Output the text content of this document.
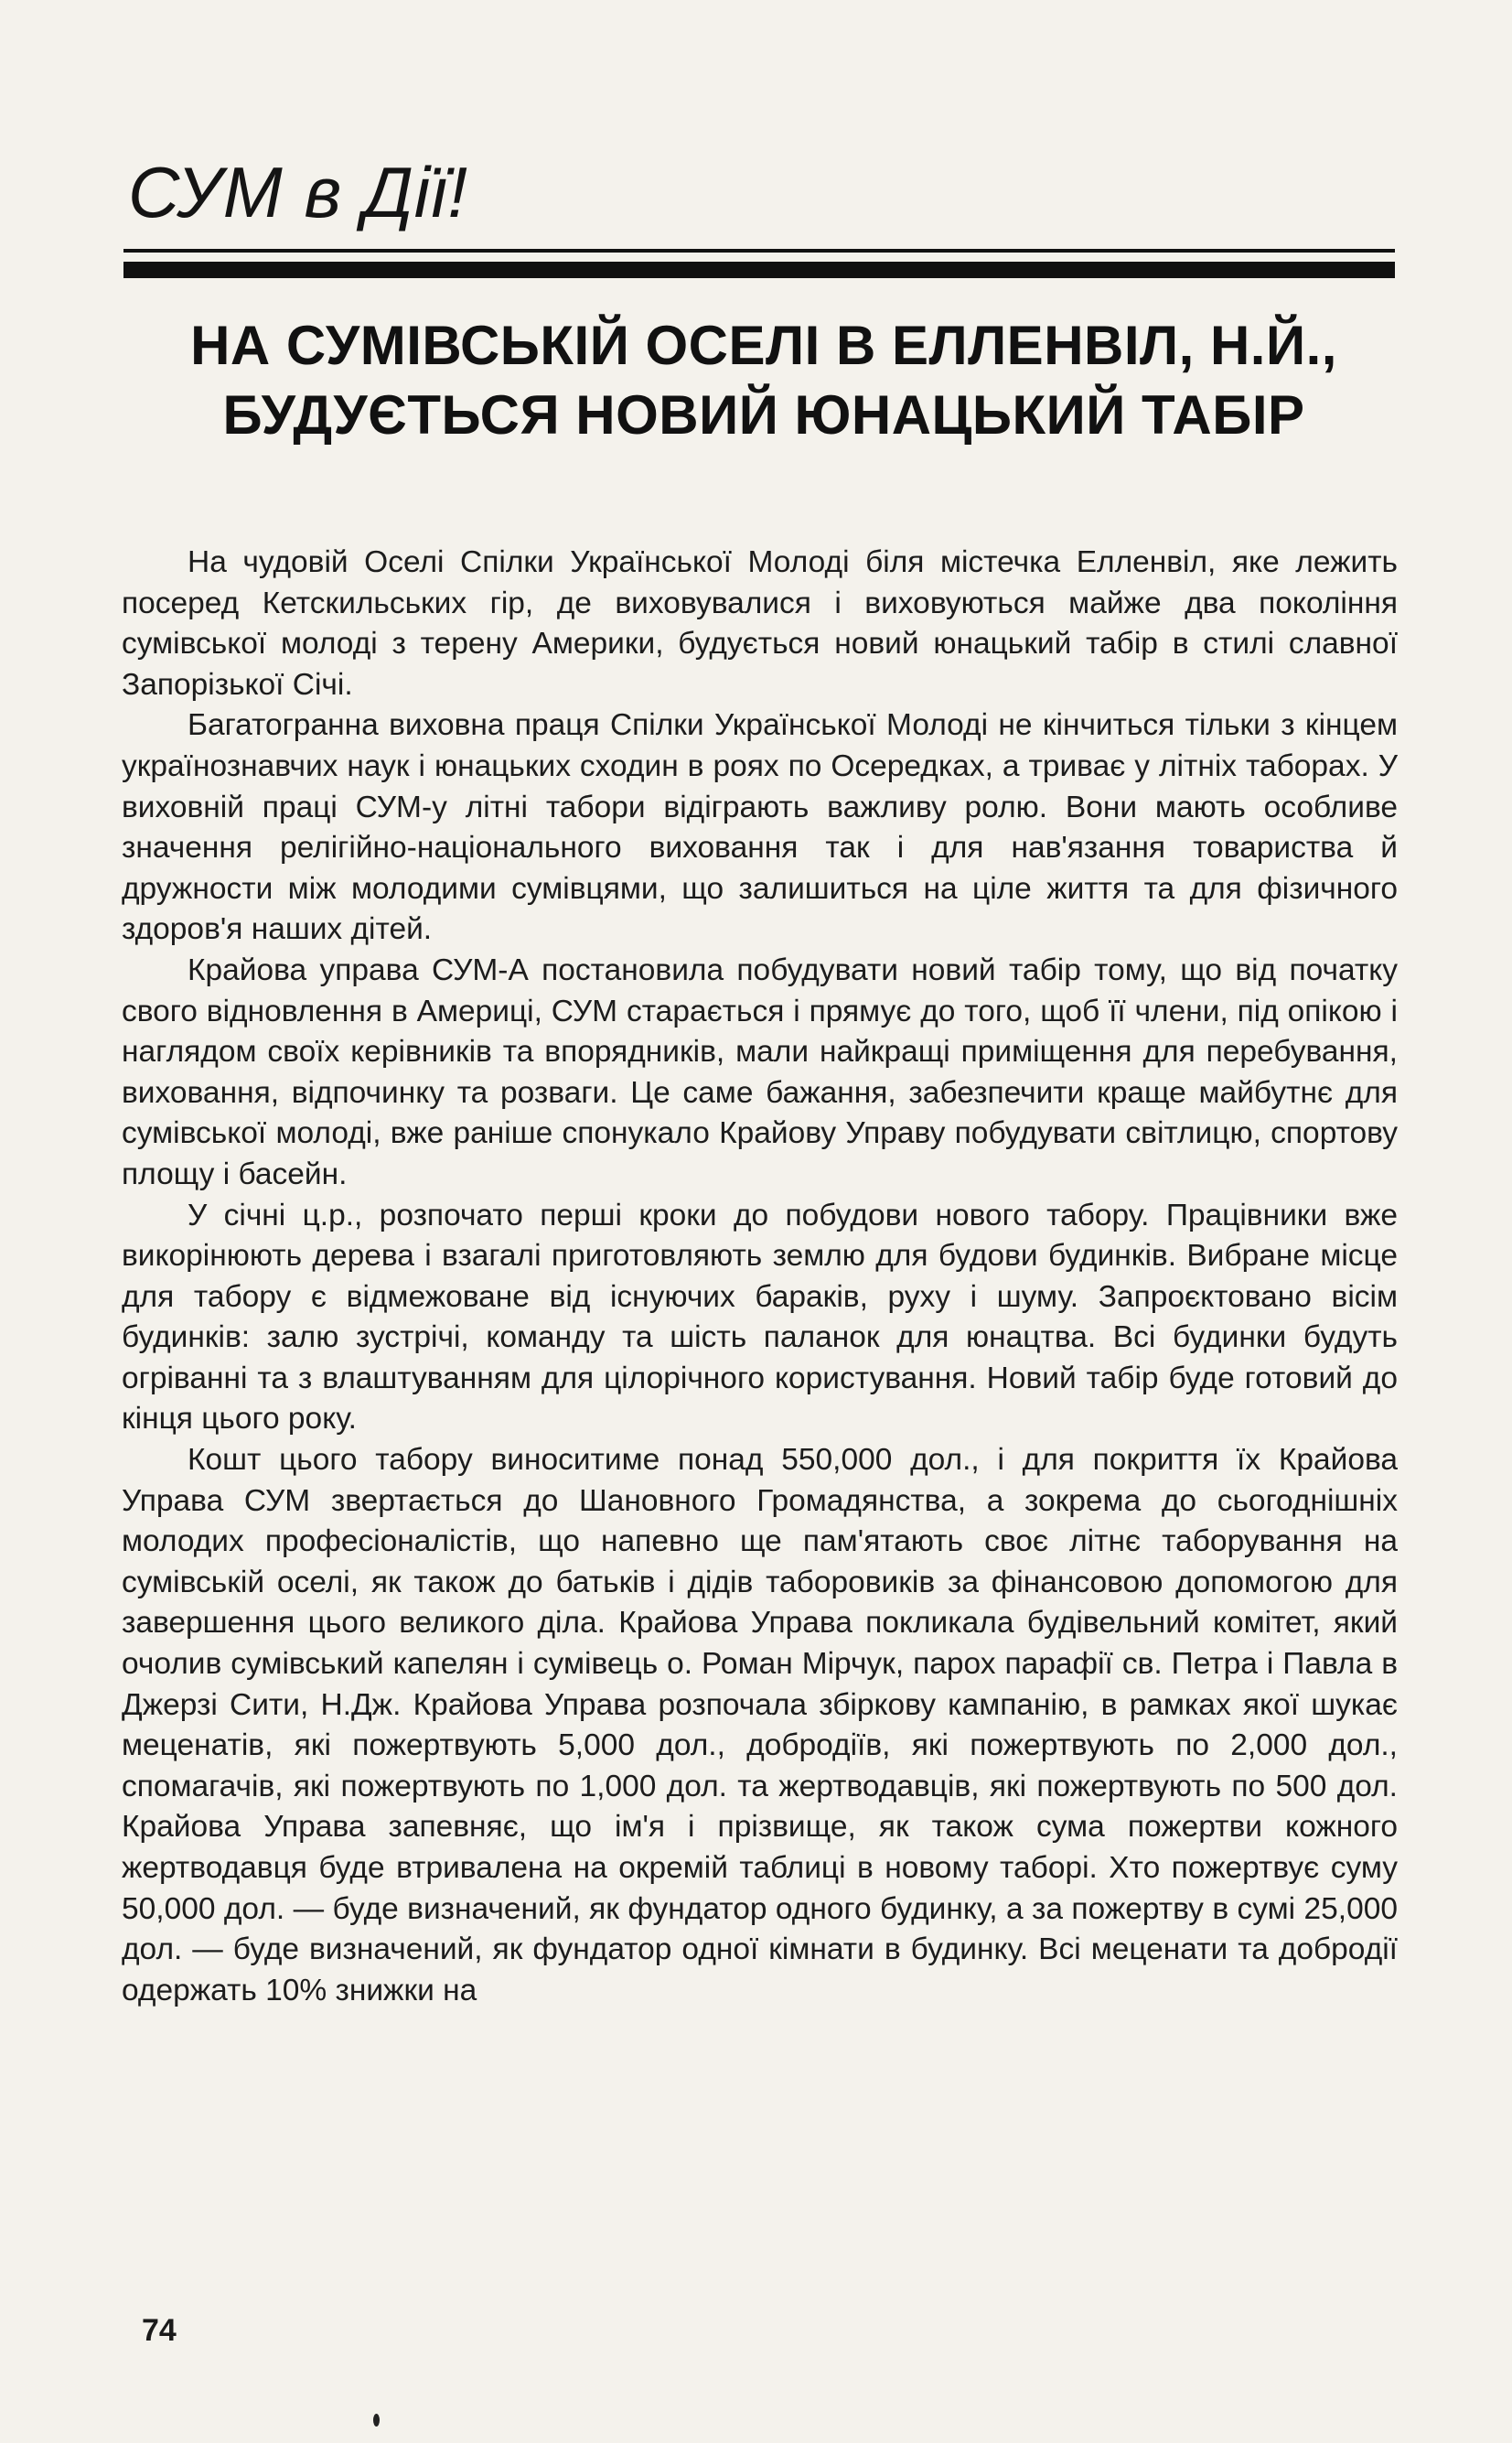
СУМ в Дії!
НА СУМІВСЬКІЙ ОСЕЛІ В ЕЛЛЕНВІЛ, Н.Й.,
БУДУЄТЬСЯ НОВИЙ ЮНАЦЬКИЙ ТАБІР

На чудовій Оселі Спілки Української Молоді біля містечка Елленвіл, яке лежить посеред Кетскильських гір, де виховувалися і виховуються майже два покоління сумівської молоді з терену Америки, будується новий юнацький табір в стилі славної Запорізької Січі.

Багатогранна виховна праця Спілки Української Молоді не кінчиться тільки з кінцем українознавчих наук і юнацьких сходин в роях по Осередках, а триває у літніх таборах. У виховній праці СУМ-у літні табори відіграють важливу ролю. Вони мають особливе значення релігійно-національного виховання так і для нав'язання товариства й дружности між молодими сумівцями, що залишиться на ціле життя та для фізичного здоров'я наших дітей.

Крайова управа СУМ-А постановила побудувати новий табір тому, що від початку свого відновлення в Америці, СУМ старається і прямує до того, щоб її члени, під опікою і наглядом своїх керівників та впорядників, мали найкращі приміщення для перебування, виховання, відпочинку та розваги. Це саме бажання, забезпечити краще майбутнє для сумівської молоді, вже раніше спонукало Крайову Управу побудувати світлицю, спортову площу і басейн.

У січні ц.р., розпочато перші кроки до побудови нового табору. Працівники вже викорінюють дерева і взагалі приготовляють землю для будови будинків. Вибране місце для табору є відмежоване від існуючих бараків, руху і шуму. Запроєктовано вісім будинків: залю зустрічі, команду та шість паланок для юнацтва. Всі будинки будуть огріванні та з влаштуванням для цілорічного користування. Новий табір буде готовий до кінця цього року.

Кошт цього табору виноситиме понад 550,000 дол., і для покриття їх Крайова Управа СУМ звертається до Шановного Громадянства, а зокрема до сьогоднішніх молодих професіоналістів, що напевно ще пам'ятають своє літнє таборування на сумівській оселі, як також до батьків і дідів таборовиків за фінансовою допомогою для завершення цього великого діла. Крайова Управа покликала будівельний комітет, який очолив сумівський капелян і сумівець о. Роман Мірчук, парох парафії св. Петра і Павла в Джерзі Сити, Н.Дж. Крайова Управа розпочала збіркову кампанію, в рамках якої шукає меценатів, які пожертвують 5,000 дол., добродіїв, які пожертвують по 2,000 дол., спомагачів, які пожертвують по 1,000 дол. та жертводавців, які пожертвують по 500 дол. Крайова Управа запевняє, що ім'я і прізвище, як також сума пожертви кожного жертводавця буде втривалена на окремій таблиці в новому таборі. Хто пожертвує суму 50,000 дол. — буде визначений, як фундатор одного будинку, а за пожертву в сумі 25,000 дол. — буде визначений, як фундатор одної кімнати в будинку. Всі меценати та добродії одержать 10% знижки на

74
